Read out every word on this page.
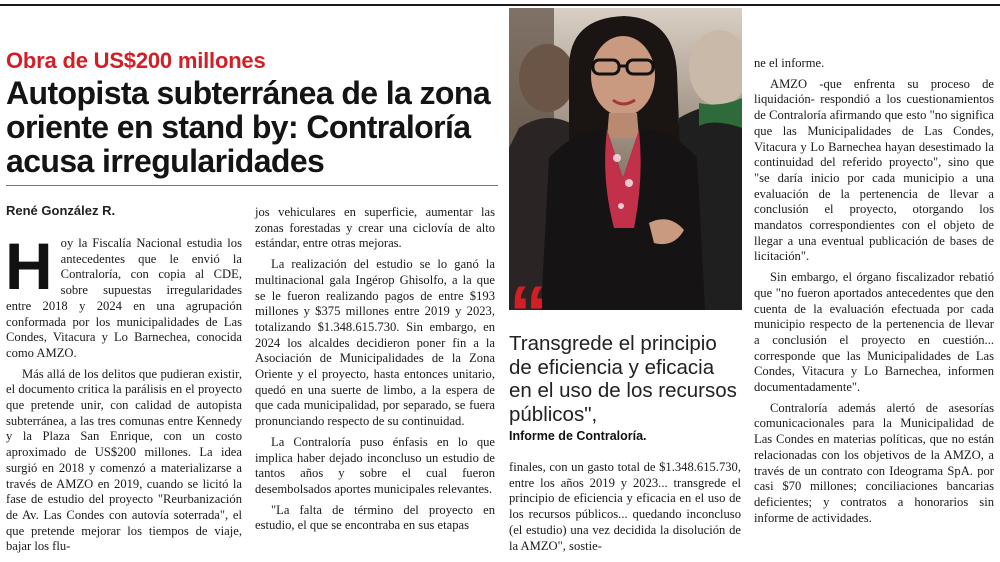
Obra de US$200 millones
Autopista subterránea de la zona oriente en stand by: Contraloría acusa irregularidades
René González R.

Hoy la Fiscalía Nacional estudia los antecedentes que le envió la Contraloría, con copia al CDE, sobre supuestas irregularidades entre 2018 y 2024 en una agrupación conformada por los municipalidades de Las Condes, Vitacura y Lo Barnechea, conocida como AMZO.

Más allá de los delitos que pudieran existir, el documento critica la parálisis en el proyecto que pretende unir, con calidad de autopista subterránea, a las tres comunas entre Kennedy y la Plaza San Enrique, con un costo aproximado de US$200 millones. La idea surgió en 2018 y comenzó a materializarse a través de AMZO en 2019, cuando se licitó la fase de estudio del proyecto "Reurbanización de Av. Las Condes con autovía soterrada", el que pretende mejorar los tiempos de viaje, bajar los flu-

jos vehiculares en superficie, aumentar las zonas forestadas y crear una ciclovía de alto estándar, entre otras mejoras.

La realización del estudio se lo ganó la multinacional gala Ingérop Ghisolfo, a la que se le fueron realizando pagos de entre $193 millones y $375 millones entre 2019 y 2023, totalizando $1.348.615.730. Sin embargo, en 2024 los alcaldes decidieron poner fin a la Asociación de Municipalidades de la Zona Oriente y el proyecto, hasta entonces unitario, quedó en una suerte de limbo, a la espera de que cada municipalidad, por separado, se fuera pronunciando respecto de su continuidad.

La Contraloría puso énfasis en lo que implica haber dejado inconcluso un estudio de tantos años y sobre el cual fueron desembolsados aportes municipales relevantes.

"La falta de término del proyecto en estudio, el que se encontraba en sus etapas

“
Transgrede el principio de eficiencia y eficacia en el uso de los recursos públicos",
Informe de Contraloría.

finales, con un gasto total de $1.348.615.730, entre los años 2019 y 2023... transgrede el principio de eficiencia y eficacia en el uso de los recursos públicos... quedando inconcluso (el estudio) una vez decidida la disolución de la AMZO", sostie-

ne el informe.

AMZO -que enfrenta su proceso de liquidación- respondió a los cuestionamientos de Contraloría afirmando que esto "no significa que las Municipalidades de Las Condes, Vitacura y Lo Barnechea hayan desestimado la continuidad del referido proyecto", sino que "se daría inicio por cada municipio a una evaluación de la pertenencia de llevar a conclusión el proyecto, otorgando los mandatos correspondientes con el objeto de llegar a una eventual publicación de bases de licitación".

Sin embargo, el órgano fiscalizador rebatió que "no fueron aportados antecedentes que den cuenta de la evaluación efectuada por cada municipio respecto de la pertenencia de llevar a conclusión el proyecto en cuestión... corresponde que las Municipalidades de Las Condes, Vitacura y Lo Barnechea, informen documentadamente".

Contraloría además alertó de asesorías comunicacionales para la Municipalidad de Las Condes en materias políticas, que no están relacionadas con los objetivos de la AMZO, a través de un contrato con Ideograma SpA. por casi $70 millones; conciliaciones bancarias deficientes; y contratos a honorarios sin informe de actividades.
